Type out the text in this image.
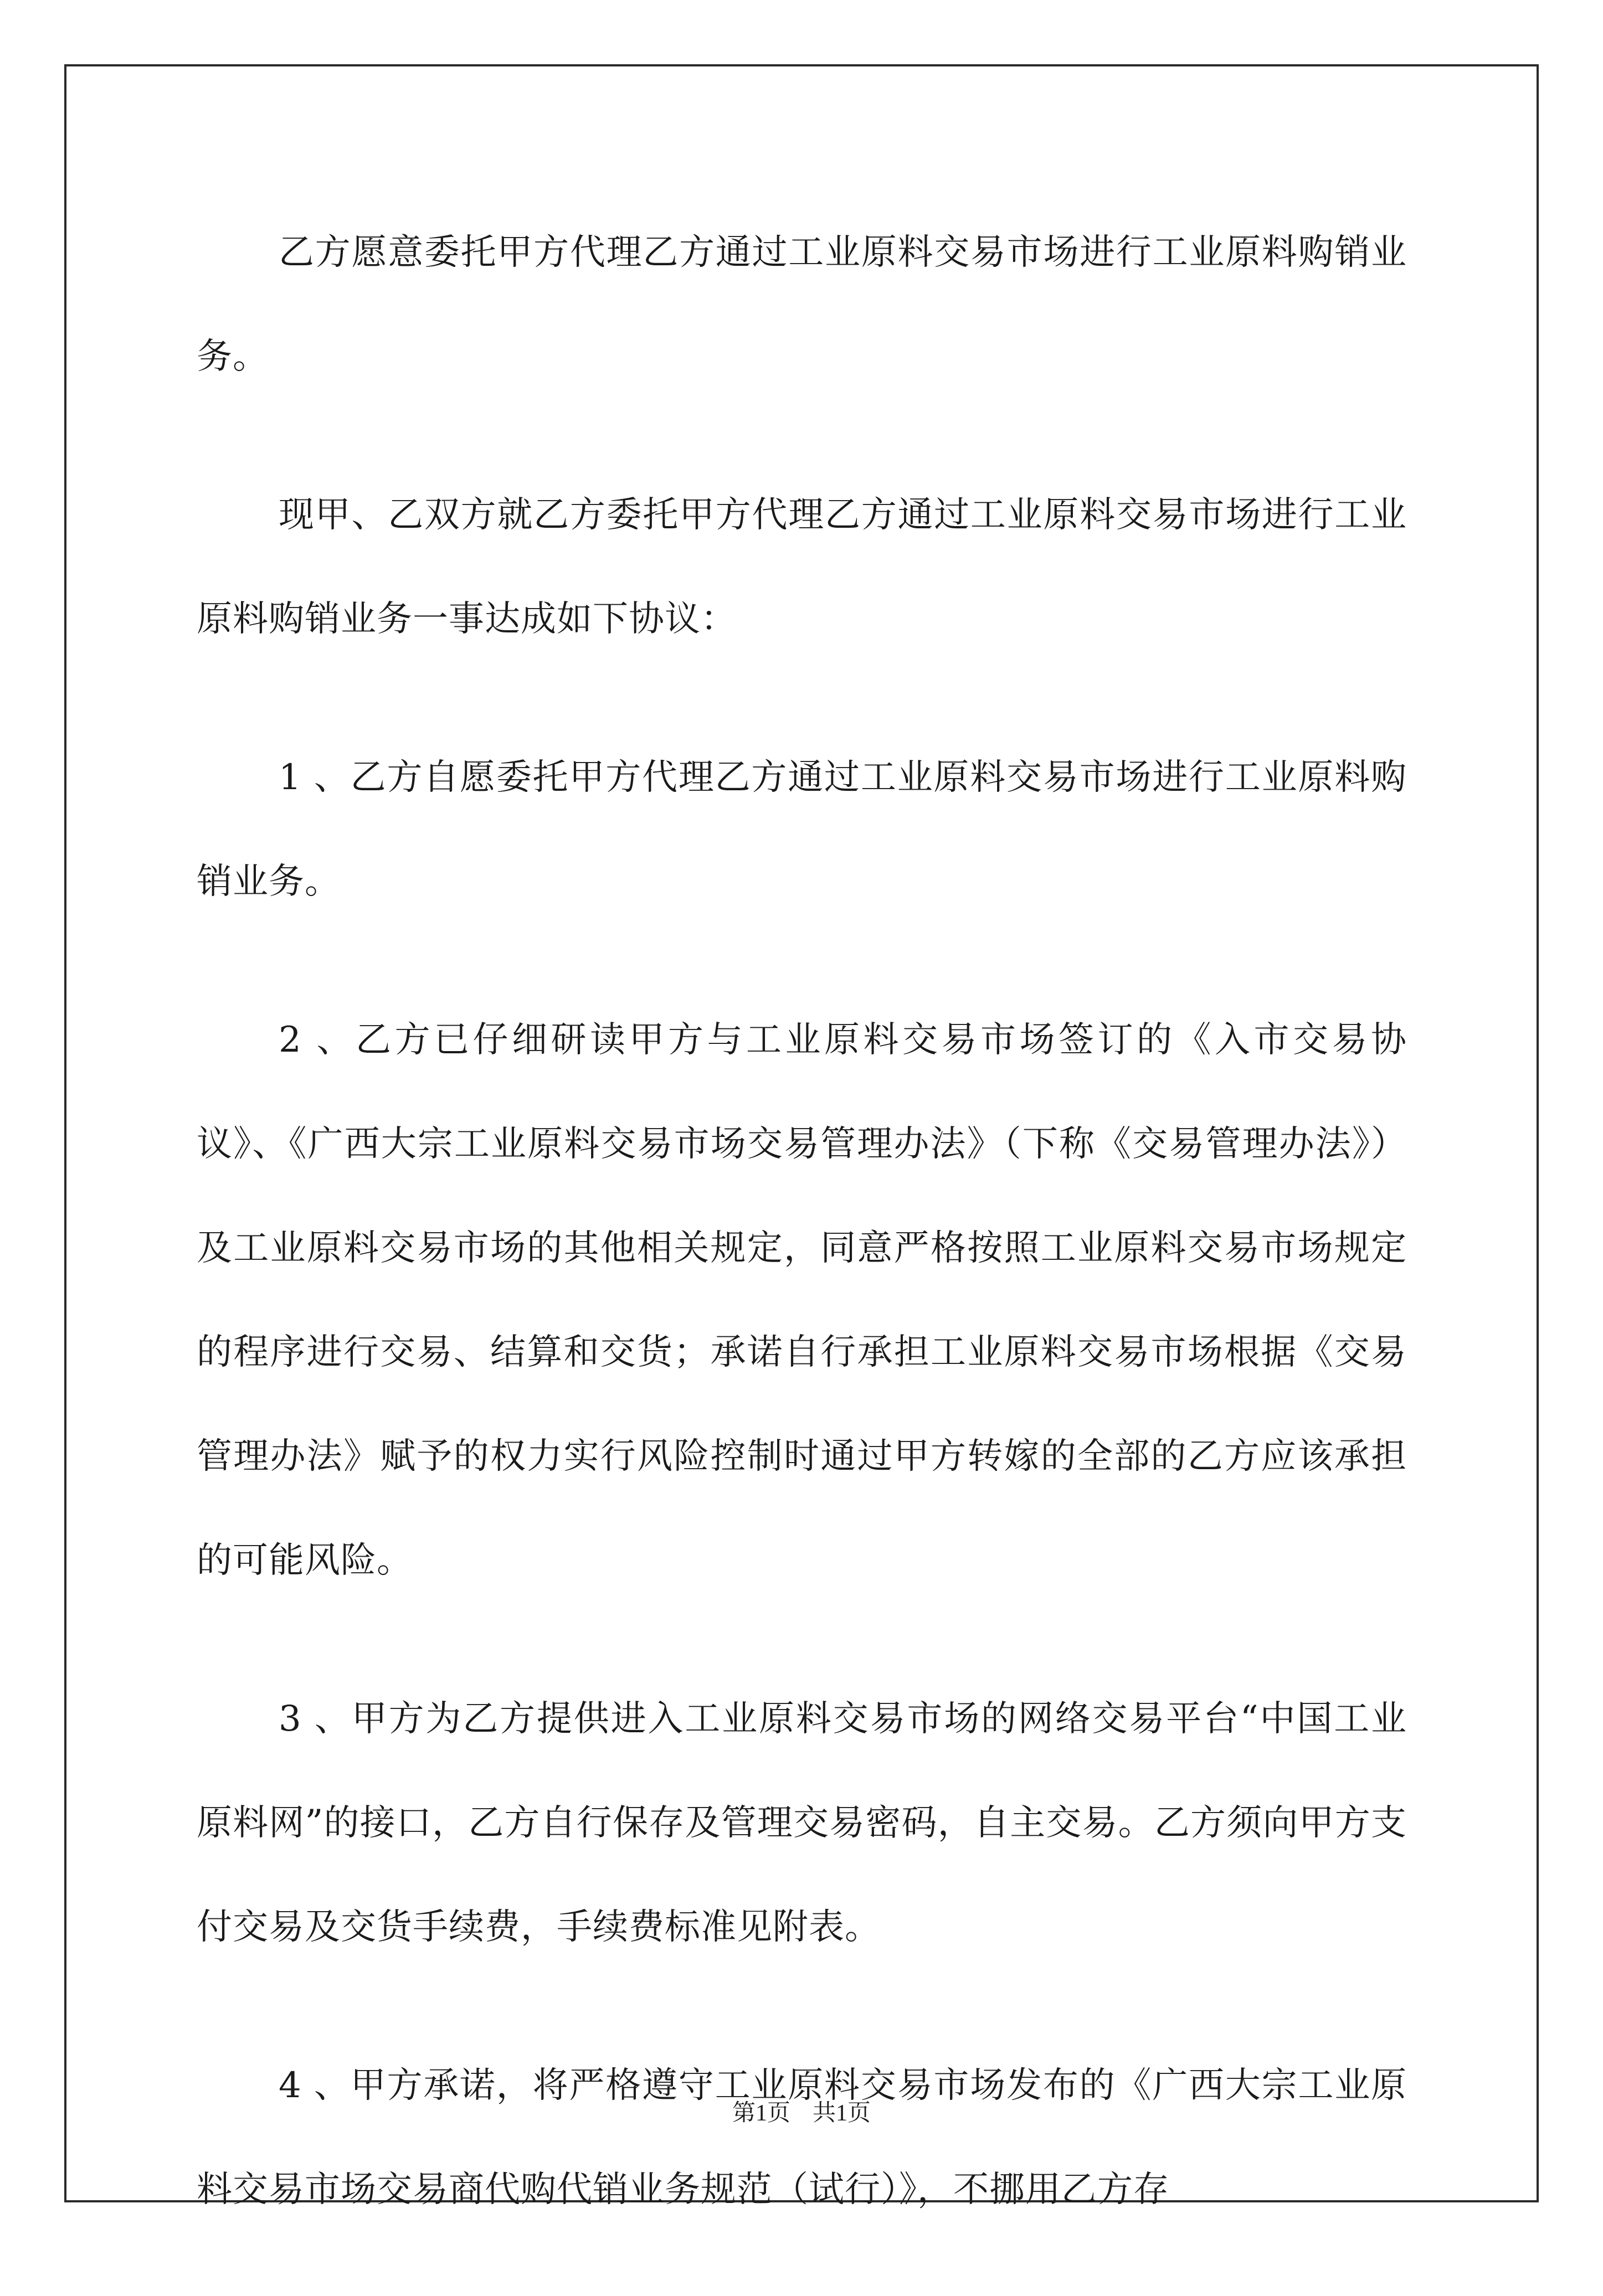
乙方愿意委托甲方代理乙方通过工业原料交易市场进行工业原料购销业务。

现甲、乙双方就乙方委托甲方代理乙方通过工业原料交易市场进行工业原料购销业务一事达成如下协议：

1 、乙方自愿委托甲方代理乙方通过工业原料交易市场进行工业原料购销业务。

2 、乙方已仔细研读甲方与工业原料交易市场签订的《入市交易协议》、《广西大宗工业原料交易市场交易管理办法》（下称《交易管理办法》）及工业原料交易市场的其他相关规定，同意严格按照工业原料交易市场规定的程序进行交易、结算和交货；承诺自行承担工业原料交易市场根据《交易管理办法》赋予的权力实行风险控制时通过甲方转嫁的全部的乙方应该承担的可能风险。

3 、甲方为乙方提供进入工业原料交易市场的网络交易平台“中国工业原料网”的接口，乙方自行保存及管理交易密码，自主交易。乙方须向甲方支付交易及交货手续费，手续费标准见附表。

4 、甲方承诺，将严格遵守工业原料交易市场发布的《广西大宗工业原料交易市场交易商代购代销业务规范（试行）》，不挪用乙方存

第1页 共1页
